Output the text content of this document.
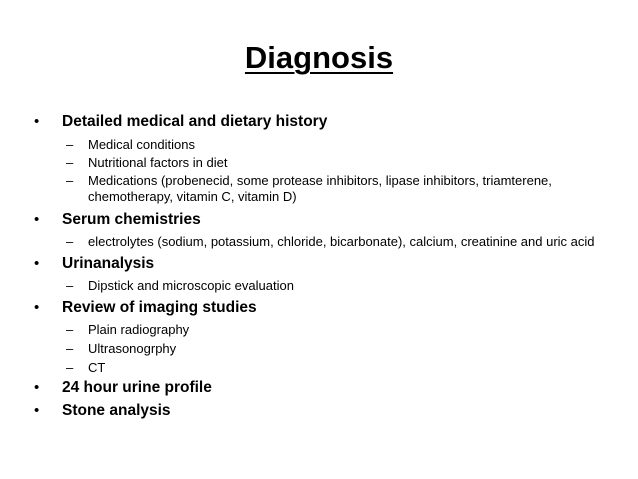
Diagnosis
• Detailed medical and dietary history
– Medical conditions
– Nutritional factors in diet
– Medications (probenecid, some protease inhibitors, lipase inhibitors, triamterene, chemotherapy, vitamin C, vitamin D)
• Serum chemistries
– electrolytes (sodium, potassium, chloride, bicarbonate), calcium, creatinine and uric acid
• Urinanalysis
– Dipstick and microscopic evaluation
• Review of imaging studies
– Plain radiography
– Ultrasonogrphy
– CT
• 24 hour urine profile
• Stone analysis
